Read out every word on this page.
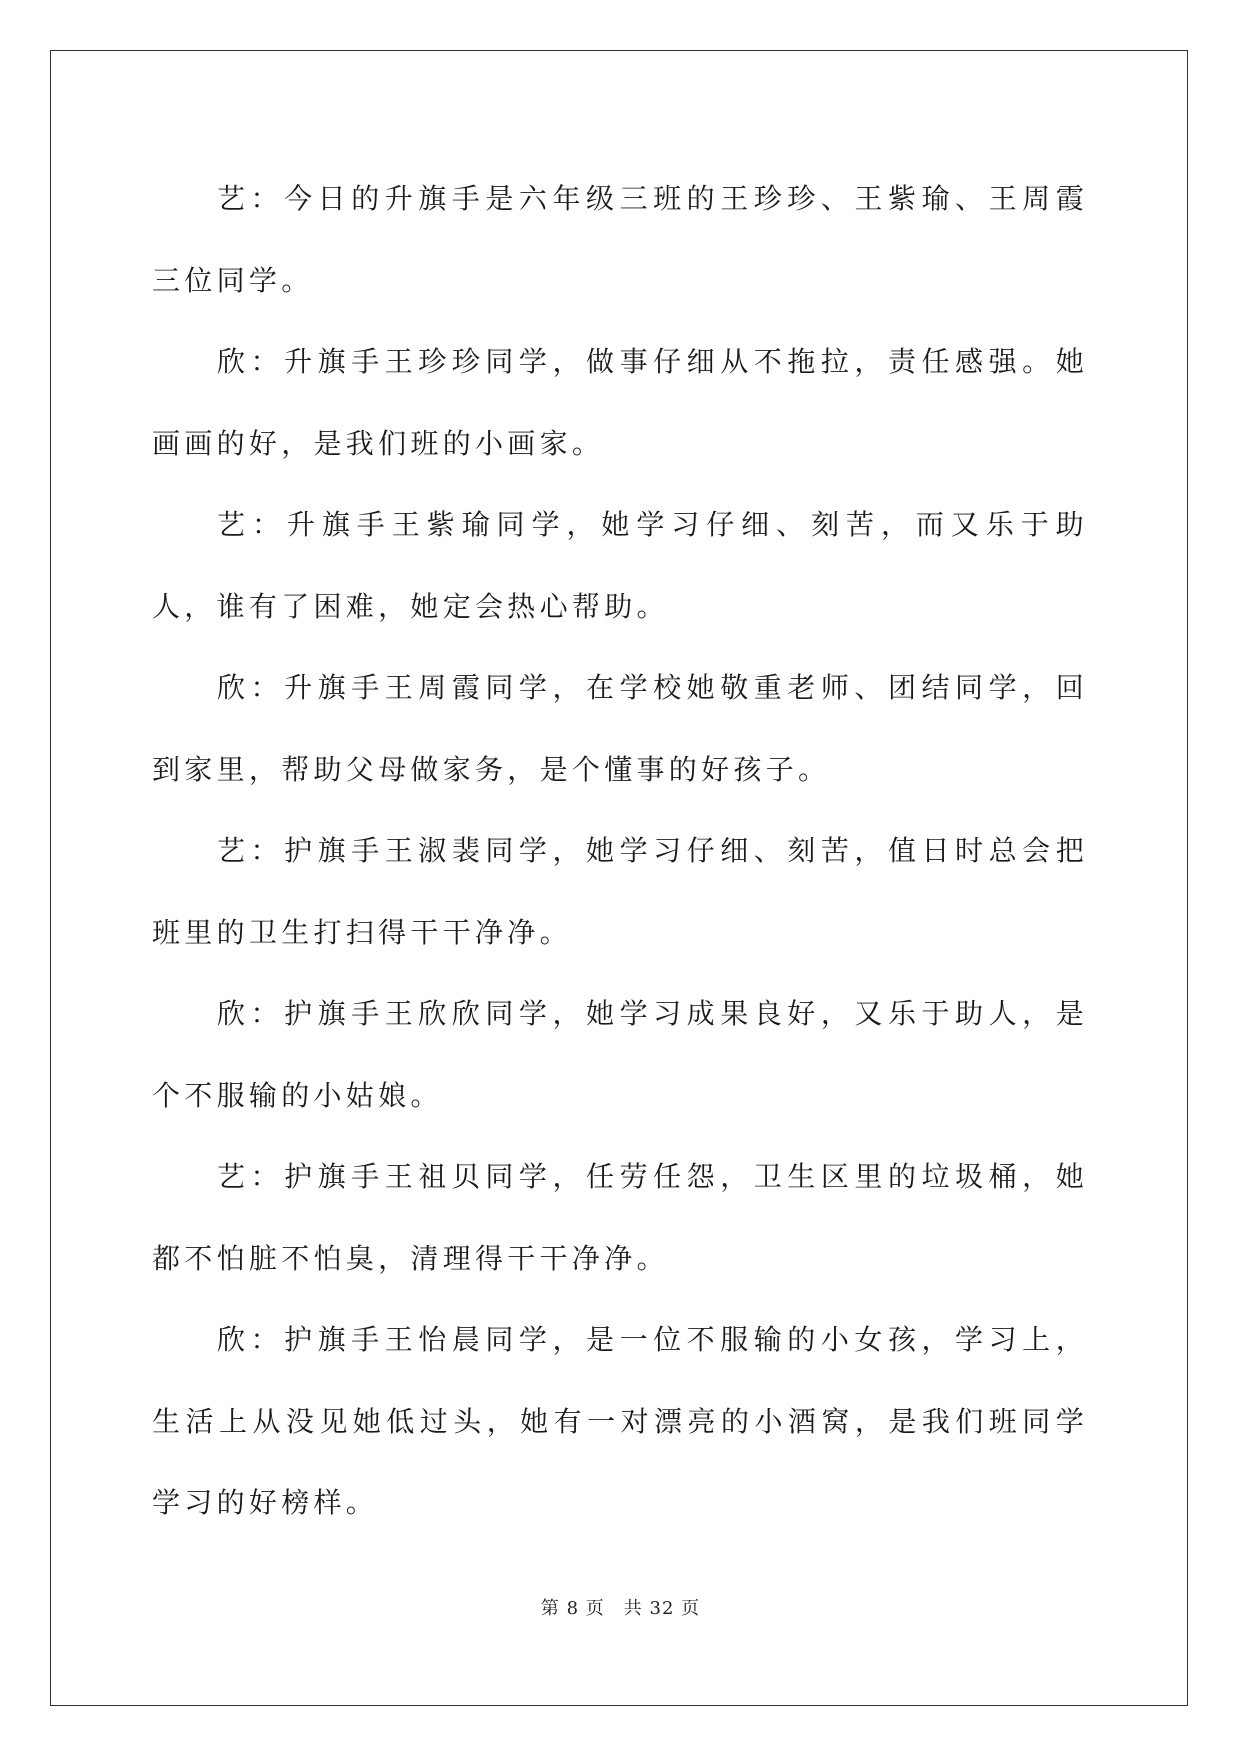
艺：今日的升旗手是六年级三班的王珍珍、王紫瑜、王周霞三位同学。

欣：升旗手王珍珍同学，做事仔细从不拖拉，责任感强。她画画的好，是我们班的小画家。

艺：升旗手王紫瑜同学，她学习仔细、刻苦，而又乐于助人，谁有了困难，她定会热心帮助。

欣：升旗手王周霞同学，在学校她敬重老师、团结同学，回到家里，帮助父母做家务，是个懂事的好孩子。

艺：护旗手王淑裴同学，她学习仔细、刻苦，值日时总会把班里的卫生打扫得干干净净。

欣：护旗手王欣欣同学，她学习成果良好，又乐于助人，是个不服输的小姑娘。

艺：护旗手王祖贝同学，任劳任怨，卫生区里的垃圾桶，她都不怕脏不怕臭，清理得干干净净。

欣：护旗手王怡晨同学，是一位不服输的小女孩，学习上，生活上从没见她低过头，她有一对漂亮的小酒窝，是我们班同学学习的好榜样。

第 8 页　共 32 页
